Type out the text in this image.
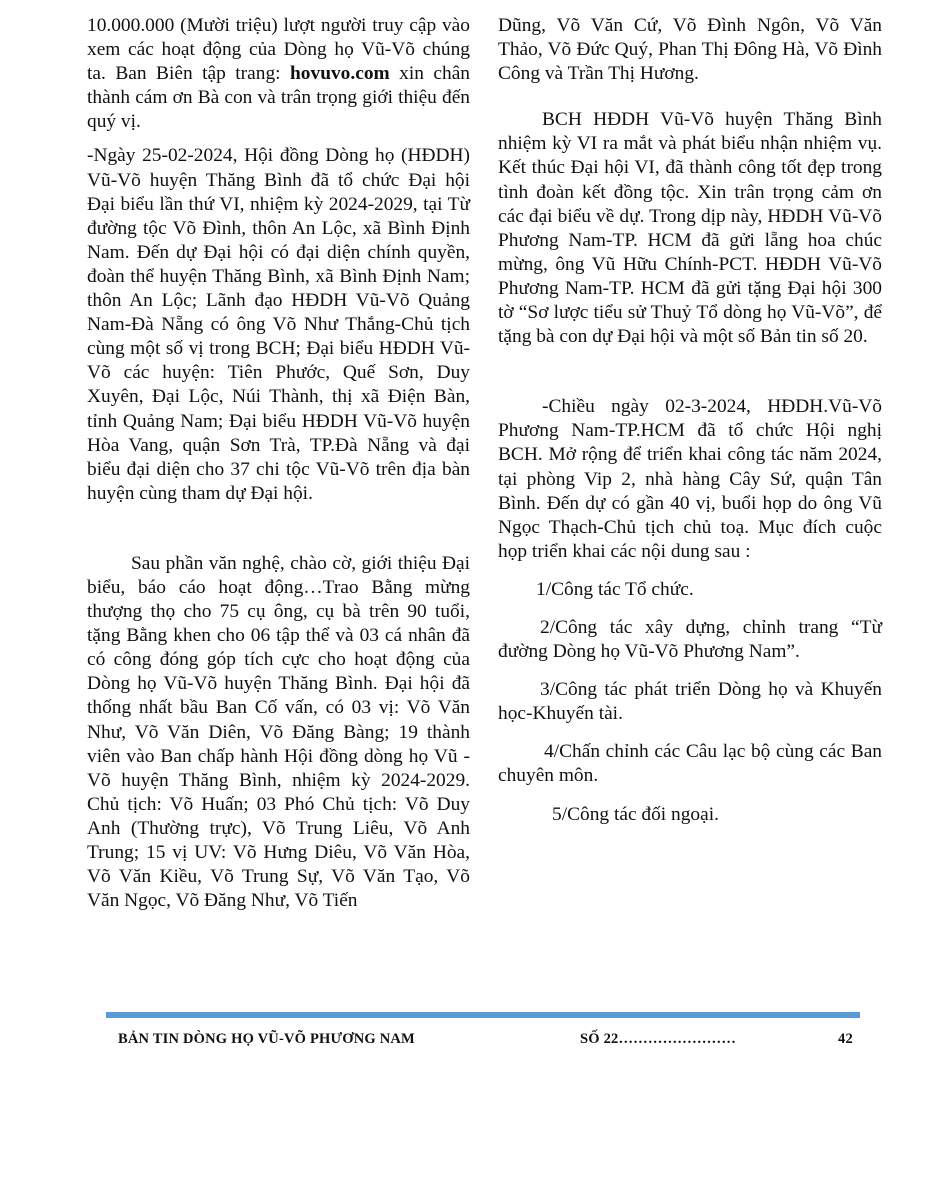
10.000.000 (Mười triệu) lượt người truy cập vào xem các hoạt động của Dòng họ Vũ-Võ chúng ta. Ban Biên tập trang: hovuvo.com xin chân thành cám ơn Bà con và trân trọng giới thiệu đến quý vị.

-Ngày 25-02-2024, Hội đồng Dòng họ (HĐDH) Vũ-Võ huyện Thăng Bình đã tổ chức Đại hội Đại biểu lần thứ VI, nhiệm kỳ 2024-2029, tại Từ đường tộc Võ Đình, thôn An Lộc, xã Bình Định Nam. Đến dự Đại hội có đại diện chính quyền, đoàn thể huyện Thăng Bình, xã Bình Định Nam; thôn An Lộc; Lãnh đạo HĐDH Vũ-Võ Quảng Nam-Đà Nẵng có ông Võ Như Thắng-Chủ tịch cùng một số vị trong BCH; Đại biểu HĐDH Vũ-Võ các huyện: Tiên Phước, Quế Sơn, Duy Xuyên, Đại Lộc, Núi Thành, thị xã Điện Bàn, tỉnh Quảng Nam; Đại biểu HĐDH Vũ-Võ huyện Hòa Vang, quận Sơn Trà, TP.Đà Nẵng và đại biểu đại diện cho 37 chi tộc Vũ-Võ trên địa bàn huyện cùng tham dự Đại hội.

Sau phần văn nghệ, chào cờ, giới thiệu Đại biểu, báo cáo hoạt động…Trao Bằng mừng thượng thọ cho 75 cụ ông, cụ bà trên 90 tuổi, tặng Bằng khen cho 06 tập thể và 03 cá nhân đã có công đóng góp tích cực cho hoạt động của Dòng họ Vũ-Võ huyện Thăng Bình. Đại hội đã thống nhất bầu Ban Cố vấn, có 03 vị: Võ Văn Như, Võ Văn Diên, Võ Đăng Bàng; 19 thành viên vào Ban chấp hành Hội đồng dòng họ Vũ - Võ huyện Thăng Bình, nhiệm kỳ 2024-2029. Chủ tịch: Võ Huấn; 03 Phó Chủ tịch: Võ Duy Anh (Thường trực), Võ Trung Liêu, Võ Anh Trung; 15 vị UV: Võ Hưng Diêu, Võ Văn Hòa, Võ Văn Kiều, Võ Trung Sự, Võ Văn Tạo, Võ Văn Ngọc, Võ Đăng Như, Võ Tiến

Dũng, Võ Văn Cứ, Võ Đình Ngôn, Võ Văn Thảo, Võ Đức Quý, Phan Thị Đông Hà, Võ Đình Công và Trần Thị Hương.

BCH HĐDH Vũ-Võ huyện Thăng Bình nhiệm kỳ VI ra mắt và phát biểu nhận nhiệm vụ. Kết thúc Đại hội VI, đã thành công tốt đẹp trong tình đoàn kết đồng tộc. Xin trân trọng cảm ơn các đại biểu về dự. Trong dịp này, HĐDH Vũ-Võ Phương Nam-TP. HCM đã gửi lẵng hoa chúc mừng, ông Vũ Hữu Chính-PCT. HĐDH Vũ-Võ Phương Nam-TP. HCM đã gửi tặng Đại hội 300 tờ “Sơ lược tiểu sử Thuỷ Tổ dòng họ Vũ-Võ”, để tặng bà con dự Đại hội và một số Bản tin số 20.

-Chiều ngày 02-3-2024, HĐDH.Vũ-Võ Phương Nam-TP.HCM đã tổ chức Hội nghị BCH. Mở rộng để triển khai công tác năm 2024, tại phòng Vip 2, nhà hàng Cây Sứ, quận Tân Bình. Đến dự có gần 40 vị, buổi họp do ông Vũ Ngọc Thạch-Chủ tịch chủ toạ. Mục đích cuộc họp triển khai các nội dung sau :

1/Công tác Tổ chức.

2/Công tác xây dựng, chỉnh trang “Từ đường Dòng họ Vũ-Võ Phương Nam”.

3/Công tác phát triển Dòng họ và Khuyến học-Khuyến tài.

4/Chấn chỉnh các Câu lạc bộ cùng các Ban chuyên môn.

5/Công tác đối ngoại.

BẢN TIN DÒNG HỌ VŨ-VÕ PHƯƠNG NAM	SỐ 22……………………	42
